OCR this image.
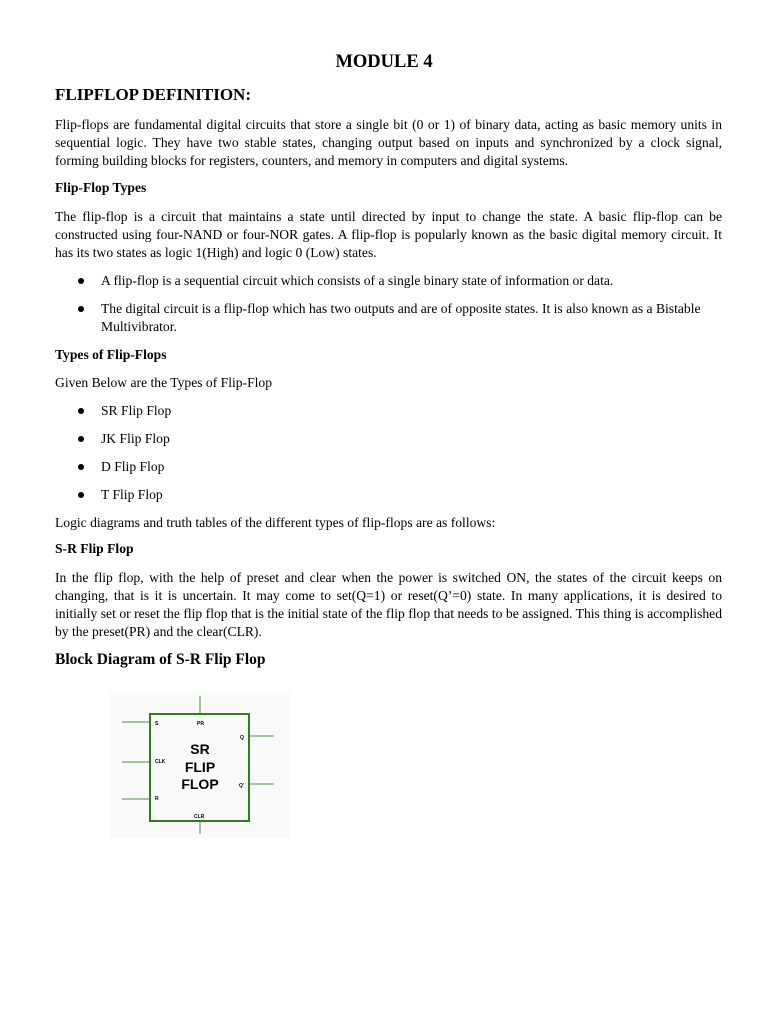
MODULE 4
FLIPFLOP DEFINITION:

Flip-flops are fundamental digital circuits that store a single bit (0 or 1) of binary data, acting as basic memory units in sequential logic. They have two stable states, changing output based on inputs and synchronized by a clock signal, forming building blocks for registers, counters, and memory in computers and digital systems.

Flip-Flop Types

The flip-flop is a circuit that maintains a state until directed by input to change the state. A basic flip-flop can be constructed using four-NAND or four-NOR gates. A flip-flop is popularly known as the basic digital memory circuit. It has its two states as logic 1(High) and logic 0 (Low) states.

A flip-flop is a sequential circuit which consists of a single binary state of information or data.

The digital circuit is a flip-flop which has two outputs and are of opposite states. It is also known as a Bistable Multivibrator.

Types of Flip-Flops

Given Below are the Types of Flip-Flop

SR Flip Flop

JK Flip Flop

D Flip Flop

T Flip Flop

Logic diagrams and truth tables of the different types of flip-flops are as follows:

S-R Flip Flop

In the flip flop, with the help of preset and clear when the power is switched ON, the states of the circuit keeps on changing, that is it is uncertain. It may come to set(Q=1) or reset(Q’=0) state. In many applications, it is desired to initially set or reset the flip flop that is the initial state of the flip flop that needs to be assigned. This thing is accomplished by the preset(PR) and the clear(CLR).

Block Diagram of S-R Flip Flop
S	PR
Q
CLK
Q’
R
CLR
SR
FLIP
FLOP
